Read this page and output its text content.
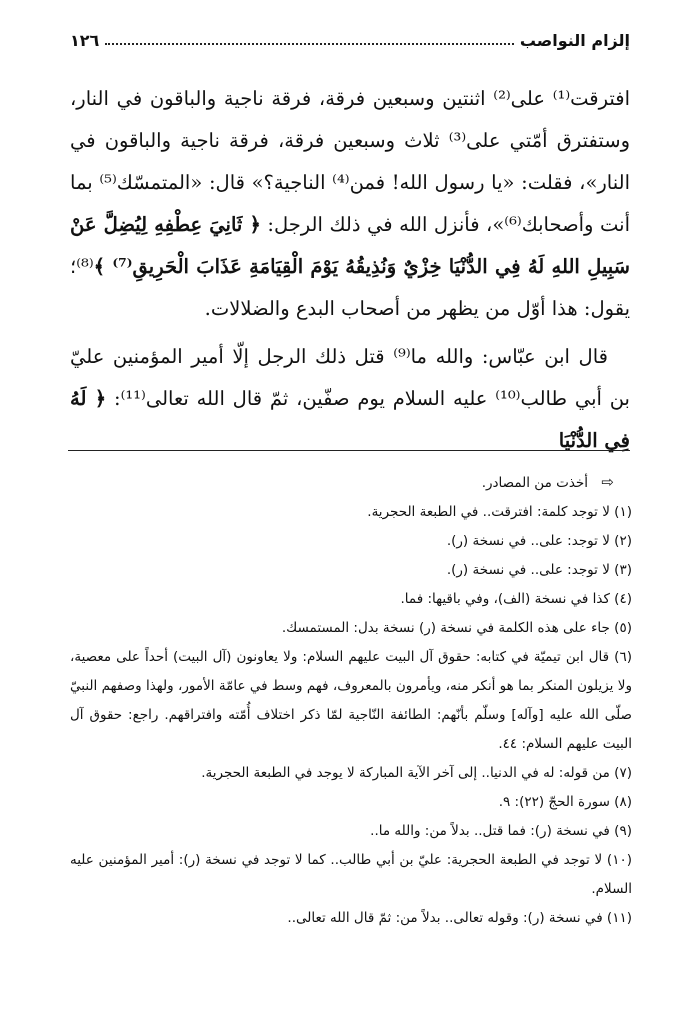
١٢٦	إلزام النواصب

افترقت⁽¹⁾ على⁽²⁾ اثنتين وسبعين فرقة، فرقة ناجية والباقون في النار، وستفترق أمّتي على⁽³⁾ ثلاث وسبعين فرقة، فرقة ناجية والباقون في النار»، فقلت: «يا رسول الله! فمن⁽⁴⁾ الناجية؟» قال: «المتمسّك⁽⁵⁾ بما أنت وأصحابك⁽⁶⁾»، فأنزل الله في ذلك الرجل: ﴿ ثَانِيَ عِطْفِهِ لِيُضِلَّ عَنْ سَبِيلِ اللهِ لَهُ فِي الدُّنْيَا خِزْيٌ وَنُذِيقُهُ يَوْمَ الْقِيَامَةِ عَذَابَ الْحَرِيقِ⁽⁷⁾ ﴾⁽⁸⁾؛ يقول: هذا أوّل من يظهر من أصحاب البدع والضلالات.

قال ابن عبّاس: والله ما⁽⁹⁾ قتل ذلك الرجل إلّا أمير المؤمنين عليّ بن أبي طالب⁽¹⁰⁾ عليه السلام يوم صفّين، ثمّ قال الله تعالى⁽¹¹⁾: ﴿ لَهُ فِي الدُّنْيَا

⇨أخذت من المصادر.

(١) لا توجد كلمة: افترقت.. في الطبعة الحجرية.

(٢) لا توجد: على.. في نسخة (ر).

(٣) لا توجد: على.. في نسخة (ر).

(٤) كذا في نسخة (الف)، وفي باقيها: فما.

(٥) جاء على هذه الكلمة في نسخة (ر) نسخة بدل: المستمسك.

(٦) قال ابن تيميّة في كتابه: حقوق آل البيت عليهم السلام: ولا يعاونون (آل البيت) أحداً على معصية، ولا يزيلون المنكر بما هو أنكر منه، ويأمرون بالمعروف، فهم وسط في عامّة الأمور، ولهذا وصفهم النبيّ صلّى الله عليه [وآله] وسلّم بأنّهم: الطائفة النّاجية لمّا ذكر اختلاف أُمّته وافتراقهم. راجع: حقوق آل البيت عليهم السلام: ٤٤.

(٧) من قوله: له في الدنيا.. إلى آخر الآية المباركة لا يوجد في الطبعة الحجرية.

(٨) سورة الحجّ (٢٢): ٩.

(٩) في نسخة (ر): فما قتل.. بدلاً من: والله ما..

(١٠) لا توجد في الطبعة الحجرية: عليّ بن أبي طالب.. كما لا توجد في نسخة (ر): أمير المؤمنين عليه السلام.

(١١) في نسخة (ر): وقوله تعالى.. بدلاً من: ثمّ قال الله تعالى..
